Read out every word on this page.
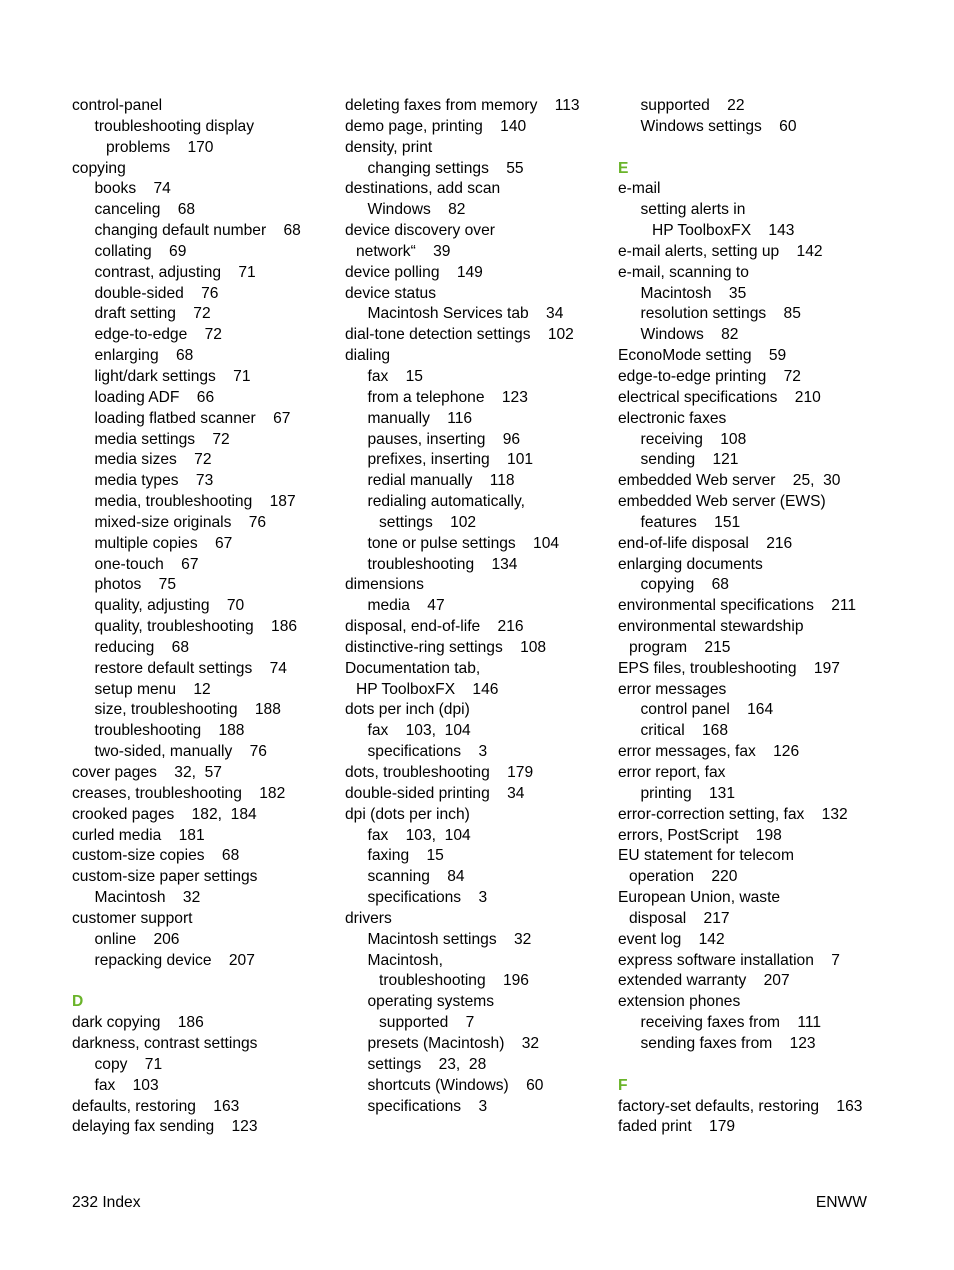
control-panel
troubleshooting display
problems    170
copying
books    74
canceling    68
changing default number    68
collating    69
contrast, adjusting    71
double-sided    76
draft setting    72
edge-to-edge    72
enlarging    68
light/dark settings    71
loading ADF    66
loading flatbed scanner    67
media settings    72
media sizes    72
media types    73
media, troubleshooting    187
mixed-size originals    76
multiple copies    67
one-touch    67
photos    75
quality, adjusting    70
quality, troubleshooting    186
reducing    68
restore default settings    74
setup menu    12
size, troubleshooting    188
troubleshooting    188
two-sided, manually    76
cover pages    32,  57
creases, troubleshooting    182
crooked pages    182,  184
curled media    181
custom-size copies    68
custom-size paper settings
Macintosh    32
customer support
online    206
repacking device    207
D
dark copying    186
darkness, contrast settings
copy    71
fax    103
defaults, restoring    163
delaying fax sending    123
deleting faxes from memory    113
demo page, printing    140
density, print
changing settings    55
destinations, add scan
Windows    82
device discovery over
network“    39
device polling    149
device status
Macintosh Services tab    34
dial-tone detection settings    102
dialing
fax    15
from a telephone    123
manually    116
pauses, inserting    96
prefixes, inserting    101
redial manually    118
redialing automatically,
settings    102
tone or pulse settings    104
troubleshooting    134
dimensions
media    47
disposal, end-of-life    216
distinctive-ring settings    108
Documentation tab,
HP ToolboxFX    146
dots per inch (dpi)
fax    103,  104
specifications    3
dots, troubleshooting    179
double-sided printing    34
dpi (dots per inch)
fax    103,  104
faxing    15
scanning    84
specifications    3
drivers
Macintosh settings    32
Macintosh,
troubleshooting    196
operating systems
supported    7
presets (Macintosh)    32
settings    23,  28
shortcuts (Windows)    60
specifications    3
supported    22
Windows settings    60
E
e-mail
setting alerts in
HP ToolboxFX    143
e-mail alerts, setting up    142
e-mail, scanning to
Macintosh    35
resolution settings    85
Windows    82
EconoMode setting    59
edge-to-edge printing    72
electrical specifications    210
electronic faxes
receiving    108
sending    121
embedded Web server    25,  30
embedded Web server (EWS)
features    151
end-of-life disposal    216
enlarging documents
copying    68
environmental specifications    211
environmental stewardship
program    215
EPS files, troubleshooting    197
error messages
control panel    164
critical    168
error messages, fax    126
error report, fax
printing    131
error-correction setting, fax    132
errors, PostScript    198
EU statement for telecom
operation    220
European Union, waste
disposal    217
event log    142
express software installation    7
extended warranty    207
extension phones
receiving faxes from    111
sending faxes from    123
F
factory-set defaults, restoring    163
faded print    179
232 Index	ENWW
